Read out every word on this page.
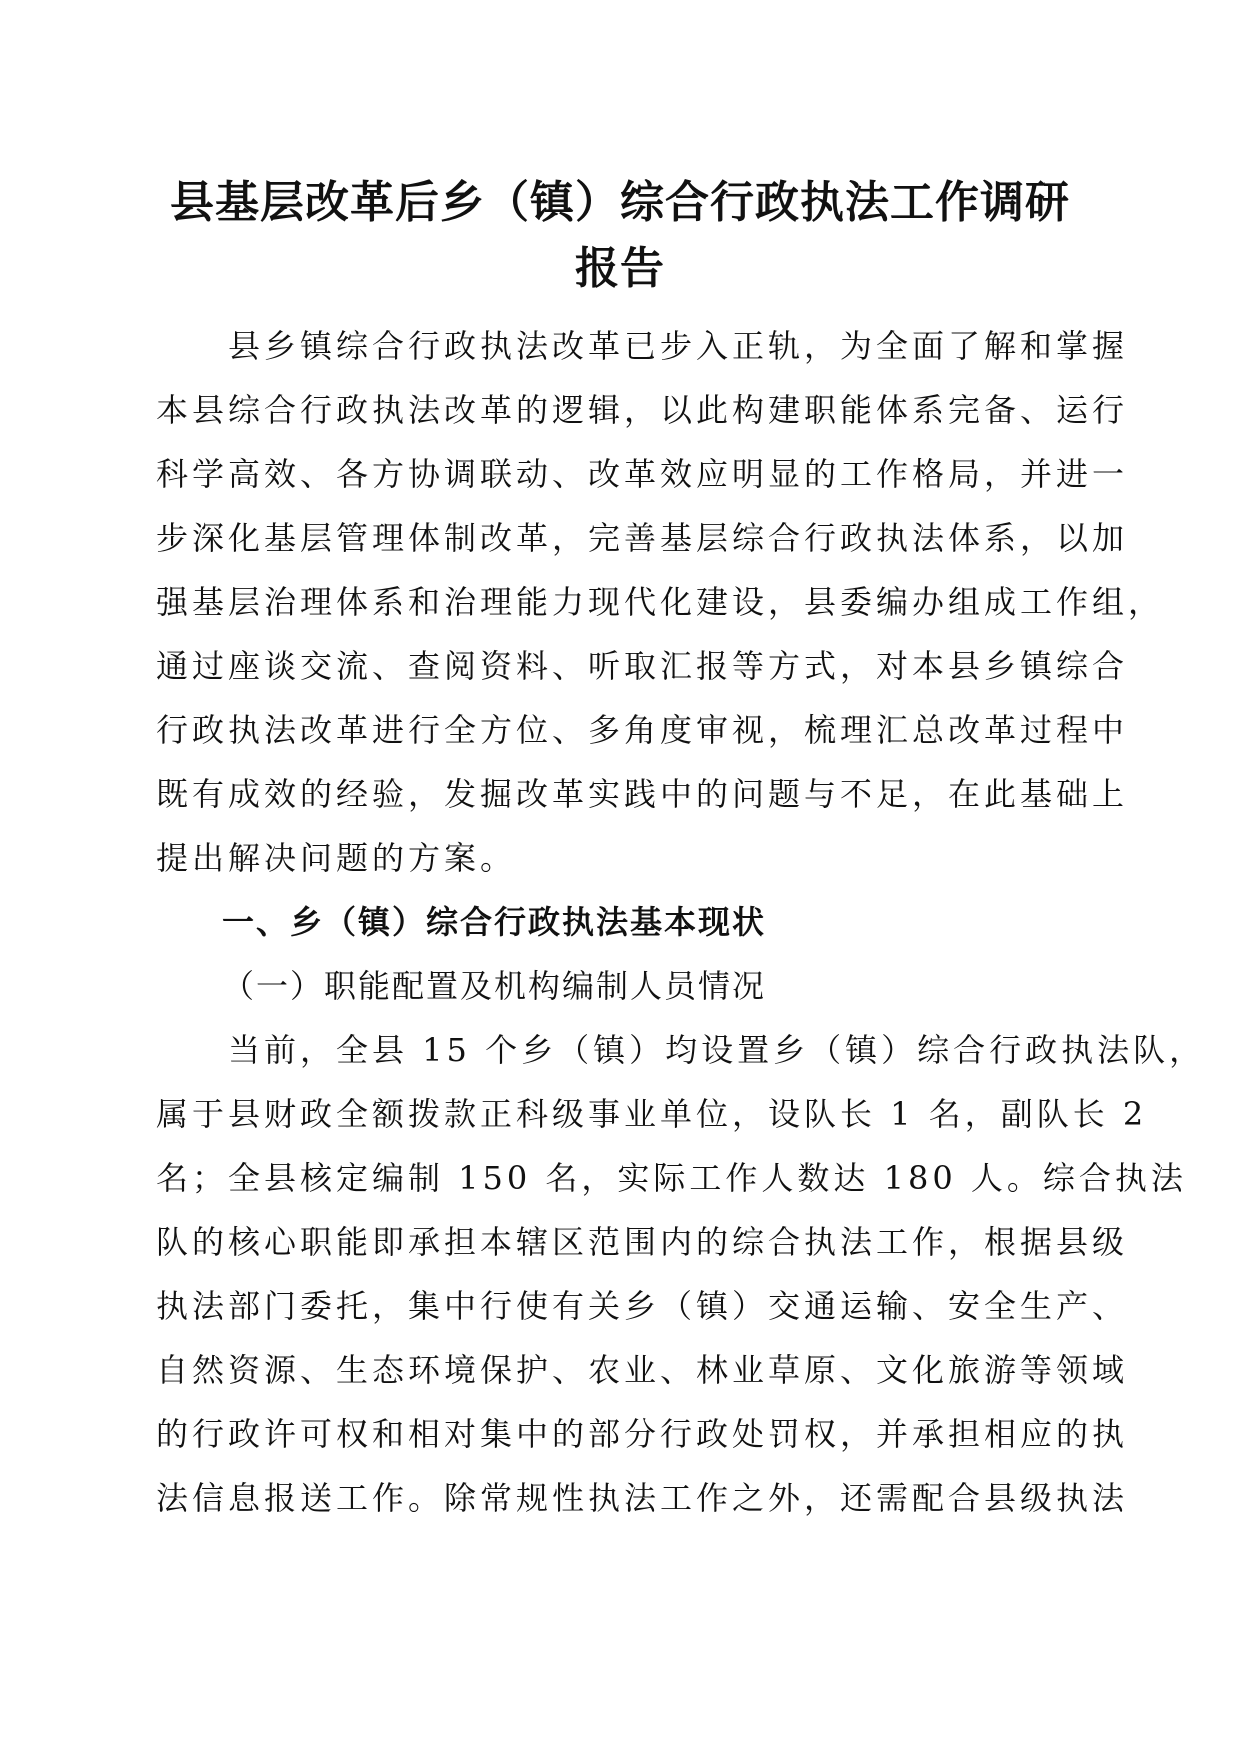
县基层改革后乡（镇）综合行政执法工作调研
报告

县乡镇综合行政执法改革已步入正轨，为全面了解和掌握

本县综合行政执法改革的逻辑，以此构建职能体系完备、运行

科学高效、各方协调联动、改革效应明显的工作格局，并进一

步深化基层管理体制改革，完善基层综合行政执法体系，以加

强基层治理体系和治理能力现代化建设，县委编办组成工作组，

通过座谈交流、查阅资料、听取汇报等方式，对本县乡镇综合

行政执法改革进行全方位、多角度审视，梳理汇总改革过程中

既有成效的经验，发掘改革实践中的问题与不足，在此基础上

提出解决问题的方案。

一、乡（镇）综合行政执法基本现状

（一）职能配置及机构编制人员情况

当前，全县 15 个乡（镇）均设置乡（镇）综合行政执法队，

属于县财政全额拨款正科级事业单位，设队长 1 名，副队长 2

名；全县核定编制 150 名，实际工作人数达 180 人。综合执法

队的核心职能即承担本辖区范围内的综合执法工作，根据县级

执法部门委托，集中行使有关乡（镇）交通运输、安全生产、

自然资源、生态环境保护、农业、林业草原、文化旅游等领域

的行政许可权和相对集中的部分行政处罚权，并承担相应的执

法信息报送工作。除常规性执法工作之外，还需配合县级执法
